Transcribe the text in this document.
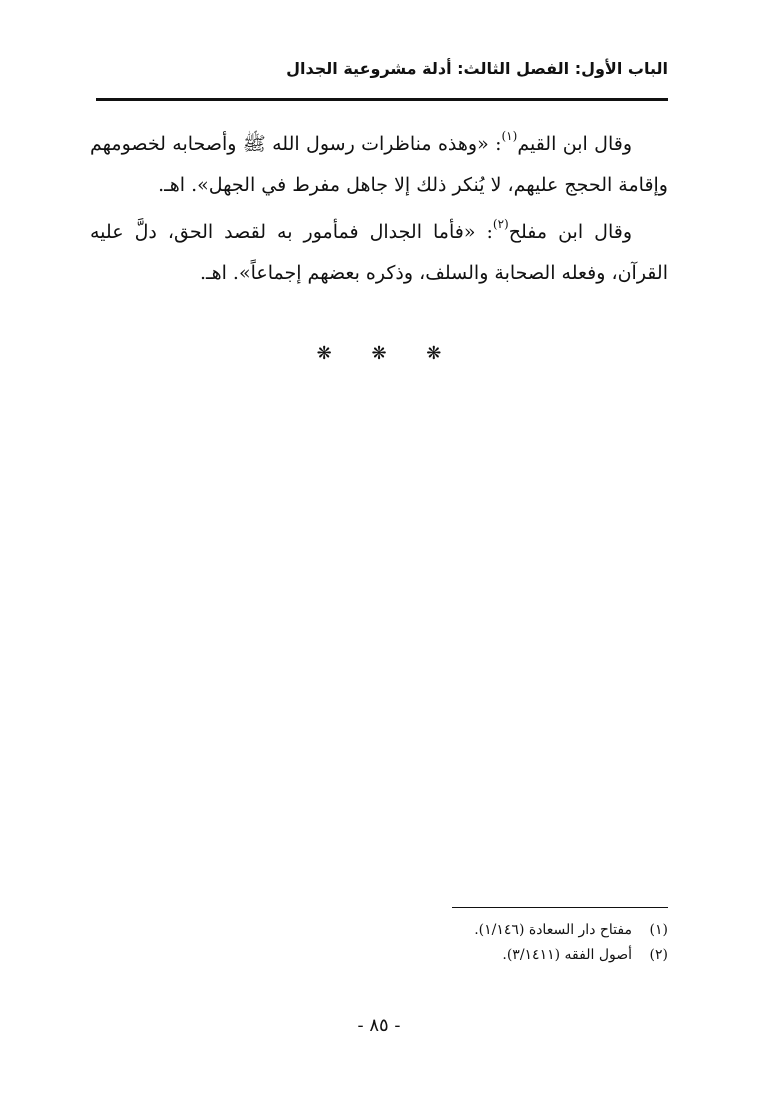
الباب الأول: الفصل الثالث: أدلة مشروعية الجدال

وقال ابن القيم$^{(١)}$: «وهذه مناظرات رسول الله ﷺ وأصحابه لخصومهم وإقامة الحجج عليهم، لا يُنكر ذلك إلا جاهل مفرط في الجهل». اهـ.

وقال ابن مفلح$^{(٢)}$: «فأما الجدال فمأمور به لقصد الحق، دلَّ عليه القرآن، وفعله الصحابة والسلف، وذكره بعضهم إجماعاً». اهـ.

❋ ❋ ❋
(١)مفتاح دار السعادة (١/١٤٦).
(٢)أصول الفقه (٣/١٤١١).
- ٨٥ -
